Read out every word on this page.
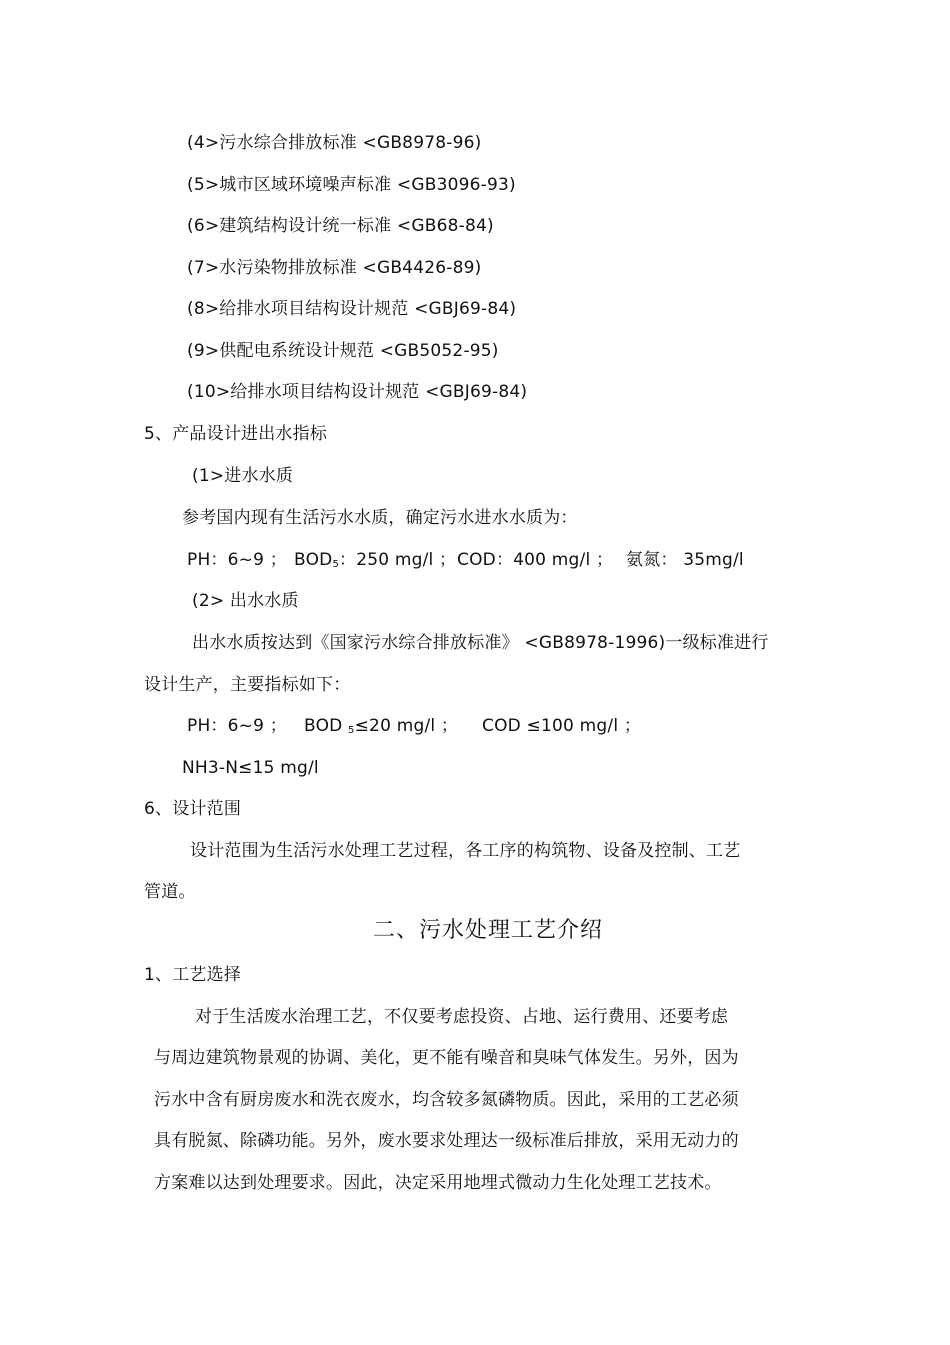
(4>污水综合排放标准 <GB8978-96)
(5>城市区域环境噪声标准 <GB3096-93)
(6>建筑结构设计统一标准 <GB68-84)
(7>水污染物排放标准 <GB4426-89)
(8>给排水项目结构设计规范 <GBJ69-84)
(9>供配电系统设计规范 <GB5052-95)
(10>给排水项目结构设计规范 <GBJ69-84)
5、产品设计进出水指标
(1>进水水质
参考国内现有生活污水水质，确定污水进水水质为：
PH：6~9 ； $BOD_5$：250 mg/l ； COD：400 mg/l ； 氨氮： 35mg/l
(2> 出水水质
出水水质按达到《国家污水综合排放标准》 <GB8978-1996)一级标准进行
设计生产，主要指标如下：
PH：6~9 ； BOD $_5$≤20 mg/l ； COD ≤100 mg/l ；
NH3-N≤15 mg/l
6、设计范围
设计范围为生活污水处理工艺过程，各工序的构筑物、设备及控制、工艺
管道。
二、污水处理工艺介绍
1、工艺选择
对于生活废水治理工艺，不仅要考虑投资、占地、运行费用、还要考虑
与周边建筑物景观的协调、美化，更不能有噪音和臭味气体发生。另外，因为
污水中含有厨房废水和洗衣废水，均含较多氮磷物质。因此，采用的工艺必须
具有脱氮、除磷功能。另外，废水要求处理达一级标准后排放，采用无动力的
方案难以达到处理要求。因此，决定采用地埋式微动力生化处理工艺技术。
